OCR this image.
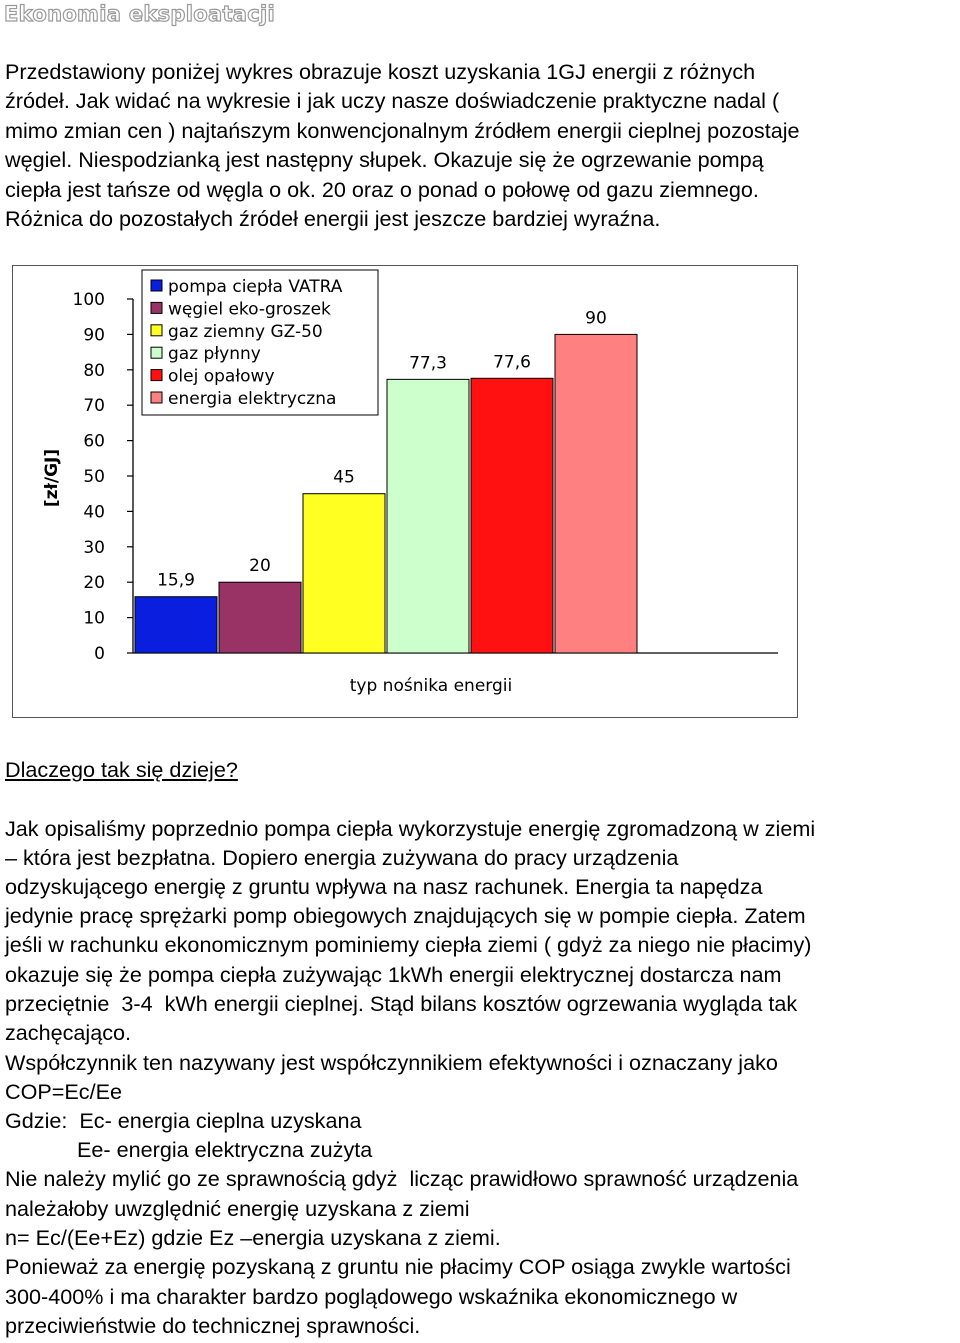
Ekonomia eksploatacji

Przedstawiony poniżej wykres obrazuje koszt uzyskania 1GJ energii z różnych

źródeł. Jak widać na wykresie i jak uczy nasze doświadczenie praktyczne nadal (

mimo zmian cen ) najtańszym konwencjonalnym źródłem energii cieplnej pozostaje

węgiel. Niespodzianką jest następny słupek. Okazuje się że ogrzewanie pompą

ciepła jest tańsze od węgla o ok. 20 oraz o ponad o połowę od gazu ziemnego.

Różnica do pozostałych źródeł energii jest jeszcze bardziej wyraźna.

0
10
20
30
40
50
60
70
80
90
100
15,9
20
45
77,3	77,6
90
pompa ciepła VATRA
węgiel eko-groszek
gaz ziemny GZ-50
gaz płynny
olej opałowy
energia elektryczna
[zł/GJ]
typ nośnika energii

Dlaczego tak się dzieje?

Jak opisaliśmy poprzednio pompa ciepła wykorzystuje energię zgromadzoną w ziemi

– która jest bezpłatna. Dopiero energia zużywana do pracy urządzenia

odzyskującego energię z gruntu wpływa na nasz rachunek. Energia ta napędza

jedynie pracę sprężarki pomp obiegowych znajdujących się w pompie ciepła. Zatem

jeśli w rachunku ekonomicznym pominiemy ciepła ziemi ( gdyż za niego nie płacimy)

okazuje się że pompa ciepła zużywając 1kWh energii elektrycznej dostarcza nam

przeciętnie  3-4  kWh energii cieplnej. Stąd bilans kosztów ogrzewania wygląda tak

zachęcająco.

Współczynnik ten nazywany jest współczynnikiem efektywności i oznaczany jako

COP=Ec/Ee

Gdzie:  Ec- energia cieplna uzyskana

Ee- energia elektryczna zużyta

Nie należy mylić go ze sprawnością gdyż  licząc prawidłowo sprawność urządzenia

należałoby uwzględnić energię uzyskana z ziemi

n= Ec/(Ee+Ez) gdzie Ez –energia uzyskana z ziemi.

Ponieważ za energię pozyskaną z gruntu nie płacimy COP osiąga zwykle wartości

300-400% i ma charakter bardzo poglądowego wskaźnika ekonomicznego w

przeciwieństwie do technicznej sprawności.
